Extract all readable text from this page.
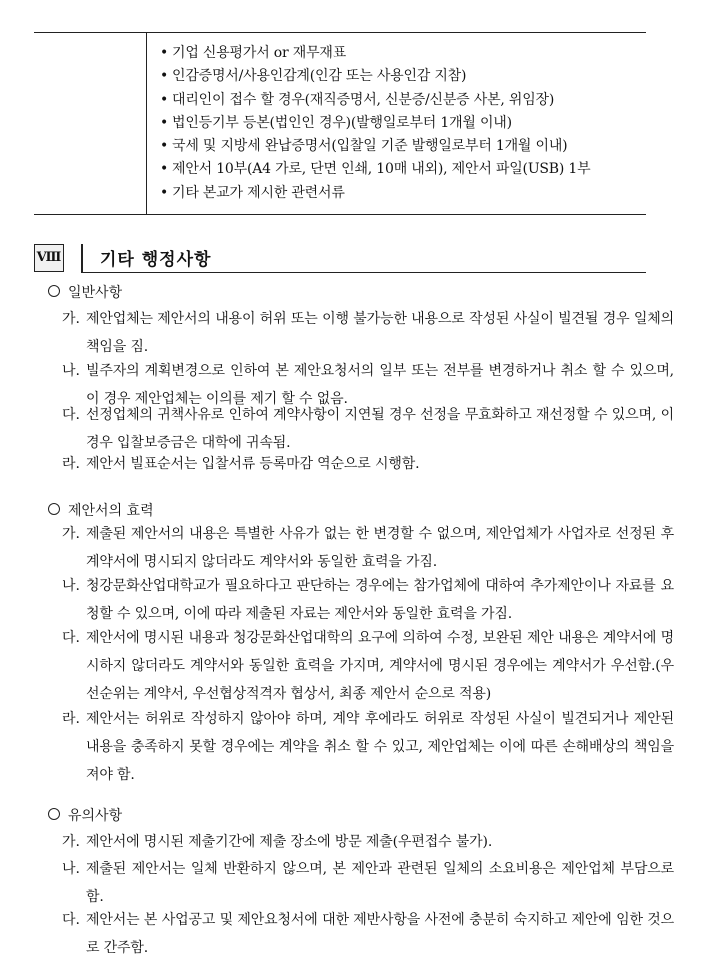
• 기업 신용평가서 or 재무재표
• 인감증명서/사용인감계(인감 또는 사용인감 지참)
• 대리인이 접수 할 경우(재직증명서, 신분증/신분증 사본, 위임장)
• 법인등기부 등본(법인인 경우)(발행일로부터 1개월 이내)
• 국세 및 지방세 완납증명서(입찰일 기준 발행일로부터 1개월 이내)
• 제안서 10부(A4 가로, 단면 인쇄, 10매 내외), 제안서 파일(USB) 1부
• 기타 본교가 제시한 관련서류
Ⅷ 기타 행정사항
일반사항
가. 제안업체는 제안서의 내용이 허위 또는 이행 불가능한 내용으로 작성된 사실이 빌견될 경우 일체의 책임을 짐.
나. 빌주자의 계획변경으로 인하여 본 제안요청서의 일부 또는 전부를 변경하거나 취소 할 수 있으며, 이 경우 제안업체는 이의를 제기 할 수 없음.
다. 선정업체의 귀책사유로 인하여 계약사항이 지연될 경우 선정을 무효화하고 재선정할 수 있으며, 이 경우 입찰보증금은 대학에 귀속됨.
라. 제안서 빌표순서는 입찰서류 등록마감 역순으로 시행함.
제안서의 효력
가. 제출된 제안서의 내용은 특별한 사유가 없는 한 변경할 수 없으며, 제안업체가 사업자로 선정된 후 계약서에 명시되지 않더라도 계약서와 동일한 효력을 가짐.
나. 청강문화산업대학교가 필요하다고 판단하는 경우에는 참가업체에 대하여 추가제안이나 자료를 요청할 수 있으며, 이에 따라 제출된 자료는 제안서와 동일한 효력을 가짐.
다. 제안서에 명시된 내용과 청강문화산업대학의 요구에 의하여 수정, 보완된 제안 내용은 계약서에 명시하지 않더라도 계약서와 동일한 효력을 가지며, 계약서에 명시된 경우에는 계약서가 우선함.(우선순위는 계약서, 우선협상적격자 협상서, 최종 제안서 순으로 적용)
라. 제안서는 허위로 작성하지 않아야 하며, 계약 후에라도 허위로 작성된 사실이 빌견되거나 제안된 내용을 충족하지 못할 경우에는 계약을 취소 할 수 있고, 제안업체는 이에 따른 손해배상의 책임을 져야 함.
유의사항
가. 제안서에 명시된 제출기간에 제출 장소에 방문 제출(우편접수 불가).
나. 제출된 제안서는 일체 반환하지 않으며, 본 제안과 관련된 일체의 소요비용은 제안업체 부담으로 함.
다. 제안서는 본 사업공고 및 제안요청서에 대한 제반사항을 사전에 충분히 숙지하고 제안에 임한 것으로 간주함.
